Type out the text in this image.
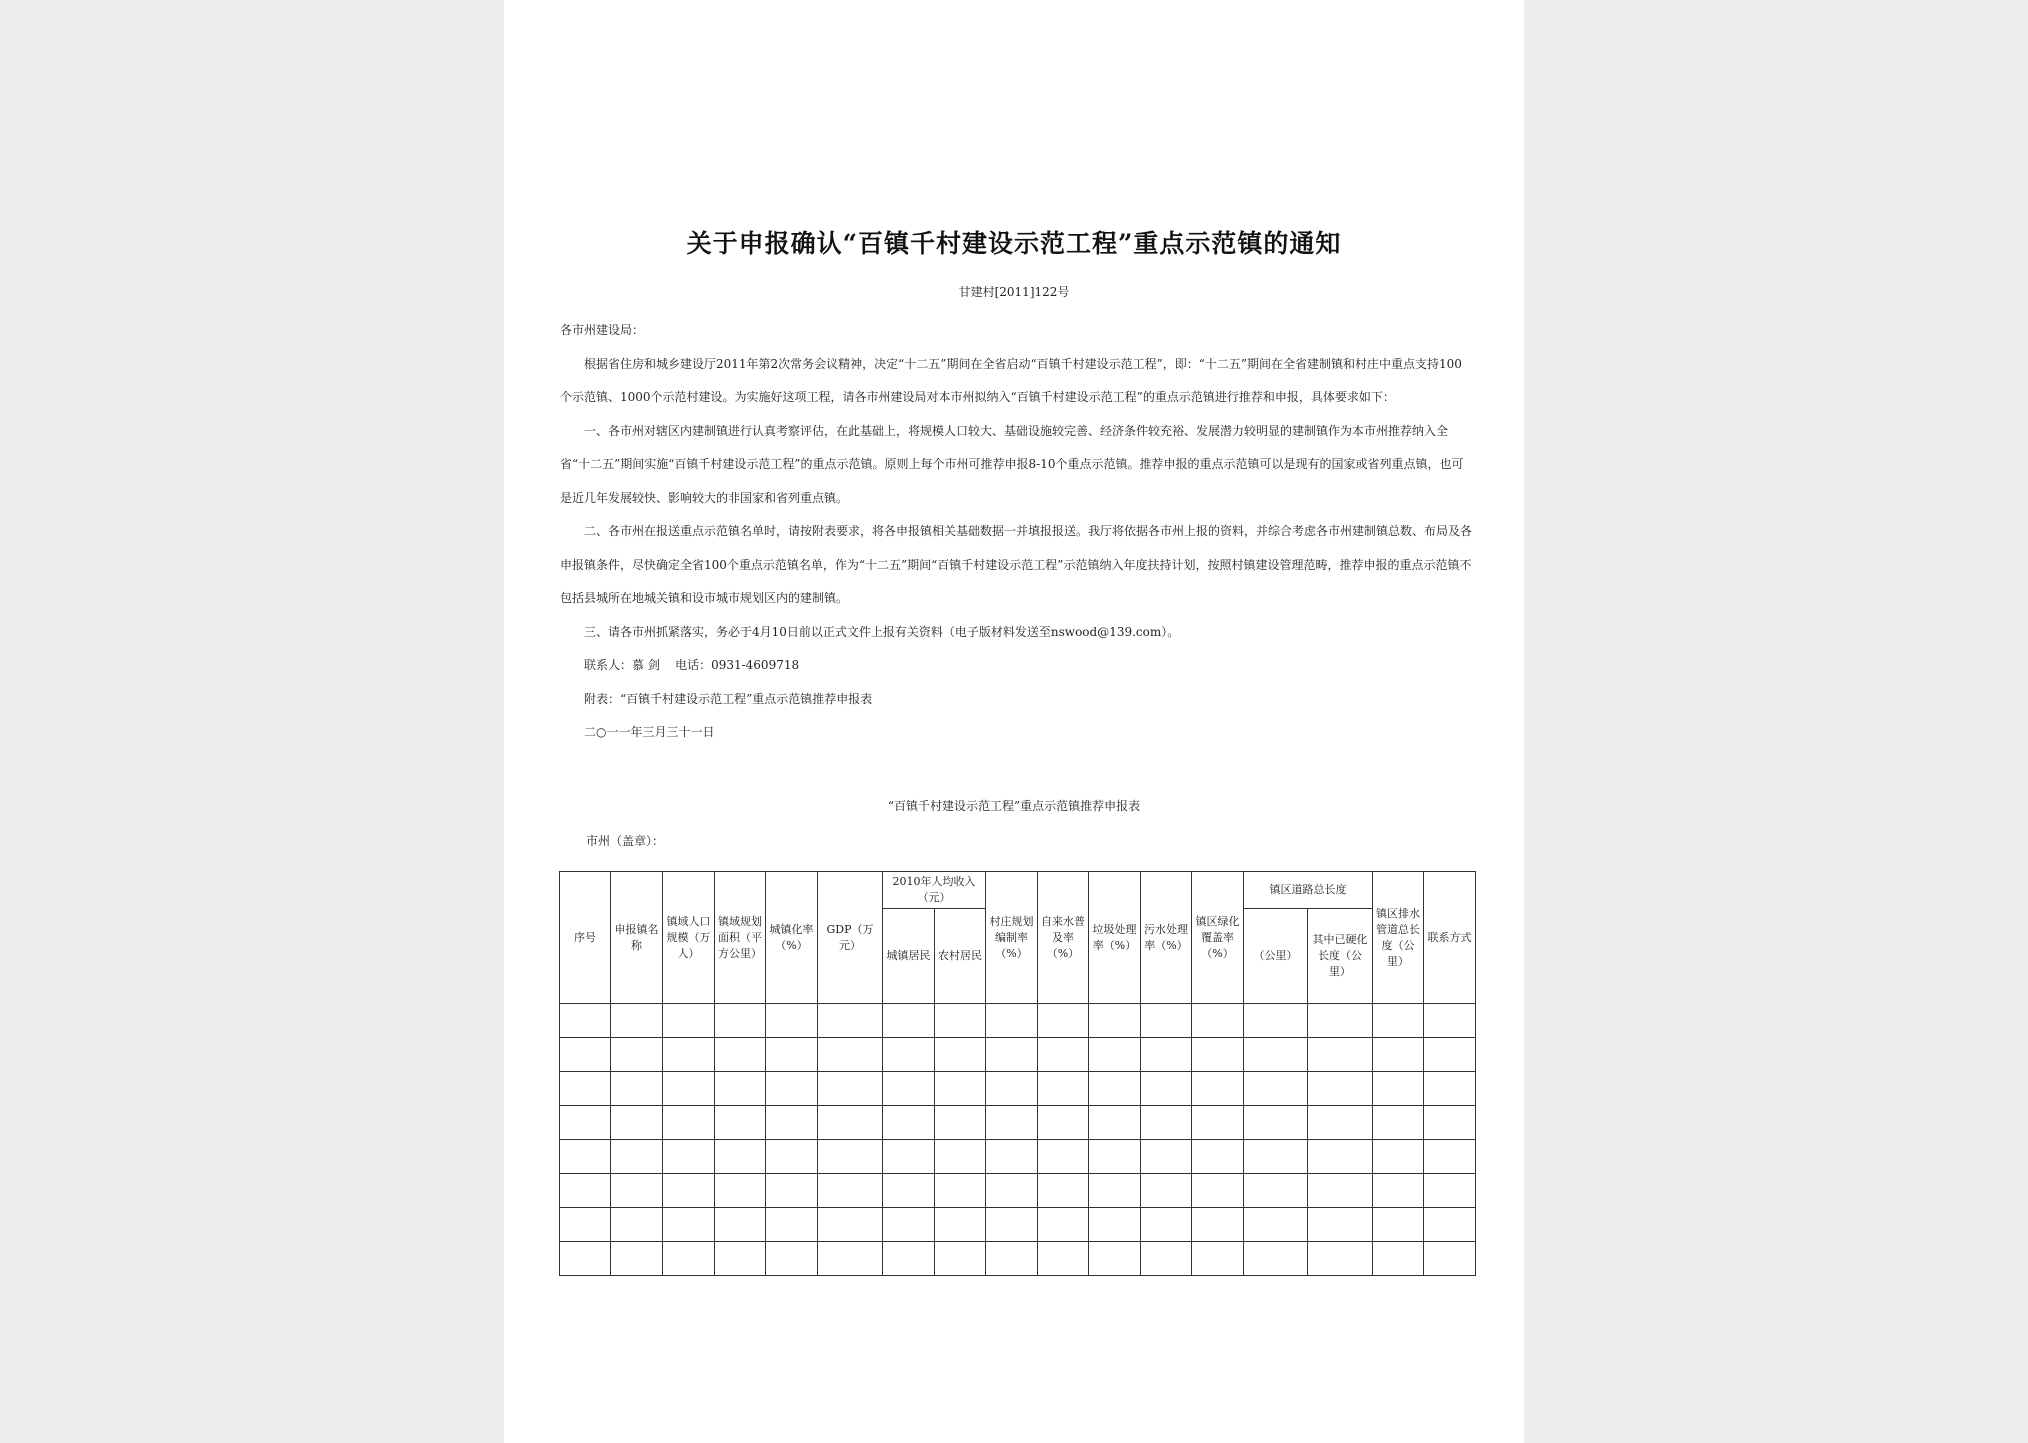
关于申报确认“百镇千村建设示范工程”重点示范镇的通知
甘建村[2011]122号

各市州建设局：

根据省住房和城乡建设厅2011年第2次常务会议精神，决定“十二五”期间在全省启动“百镇千村建设示范工程”，即：“十二五”期间在全省建制镇和村庄中重点支持100个示范镇、1000个示范村建设。为实施好这项工程，请各市州建设局对本市州拟纳入“百镇千村建设示范工程”的重点示范镇进行推荐和申报，具体要求如下：

一、各市州对辖区内建制镇进行认真考察评估，在此基础上，将规模人口较大、基础设施较完善、经济条件较充裕、发展潜力较明显的建制镇作为本市州推荐纳入全省“十二五”期间实施“百镇千村建设示范工程”的重点示范镇。原则上每个市州可推荐申报8-10个重点示范镇。推荐申报的重点示范镇可以是现有的国家或省列重点镇，也可是近几年发展较快、影响较大的非国家和省列重点镇。

二、各市州在报送重点示范镇名单时，请按附表要求，将各申报镇相关基础数据一并填报报送。我厅将依据各市州上报的资料，并综合考虑各市州建制镇总数、布局及各申报镇条件，尽快确定全省100个重点示范镇名单，作为“十二五”期间“百镇千村建设示范工程”示范镇纳入年度扶持计划，按照村镇建设管理范畴，推荐申报的重点示范镇不包括县城所在地城关镇和设市城市规划区内的建制镇。

三、请各市州抓紧落实，务必于4月10日前以正式文件上报有关资料（电子版材料发送至nswood@139.com）。

联系人：慕 剑    电话：0931-4609718

附表：“百镇千村建设示范工程”重点示范镇推荐申报表

二○一一年三月三十一日

“百镇千村建设示范工程”重点示范镇推荐申报表
市州（盖章）：
序号	申报镇名称	镇域人口规模（万人）	镇域规划面积（平方公里）	城镇化率（%）	GDP（万元）	2010年人均收入（元）		村庄规划编制率（%）	自来水普及率（%）	垃圾处理率（%）	污水处理率（%）	镇区绿化覆盖率（%）	镇区道路总长度		镇区排水管道总长度（公里）	联系方式
						城镇居民	农村居民						（公里）	其中已硬化长度（公里）		
